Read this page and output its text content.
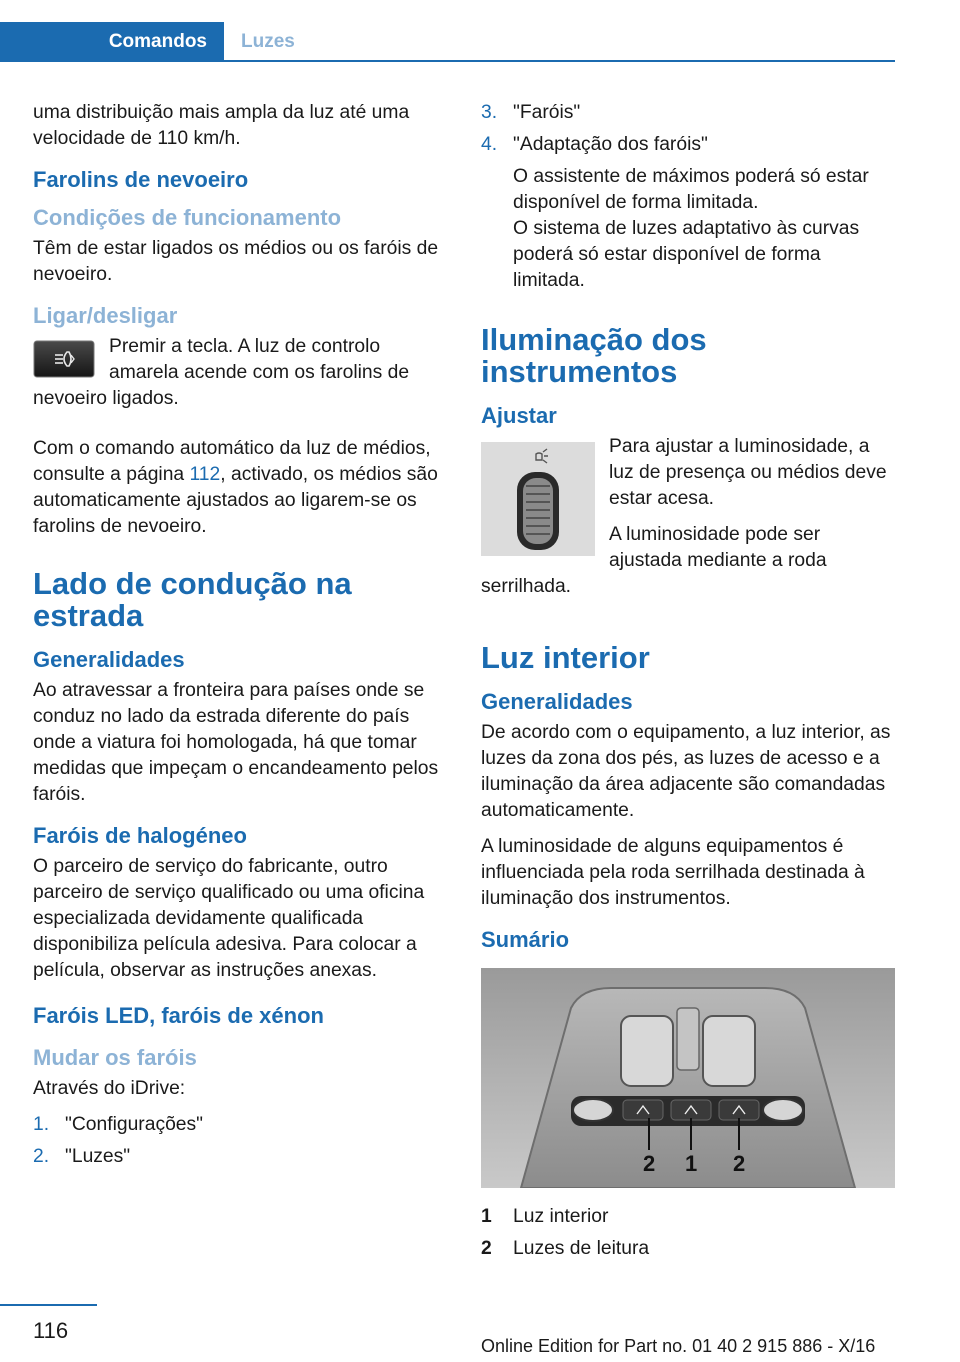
Comandos	Luzes

uma distribuição mais ampla da luz até uma velocidade de 110 km/h.

Farolins de nevoeiro
Condições de funcionamento

Têm de estar ligados os médios ou os faróis de nevoeiro.

Ligar/desligar

Premir a tecla. A luz de controlo amarela acende com os farolins de nevoeiro ligados.

Com o comando automático da luz de médios, consulte a página 112, activado, os médios são automaticamente ajustados ao ligarem-se os farolins de nevoeiro.

Lado de condução na estrada
Generalidades

Ao atravessar a fronteira para países onde se conduz no lado da estrada diferente do país onde a viatura foi homologada, há que tomar medidas que impeçam o encandeamento pelos faróis.

Faróis de halogéneo

O parceiro de serviço do fabricante, outro parceiro de serviço qualificado ou uma oficina especializada devidamente qualificada disponibiliza película adesiva. Para colocar a película, observar as instruções anexas.

Faróis LED, faróis de xénon
Mudar os faróis

Através do iDrive:

1. "Configurações"
2. "Luzes"
3. "Faróis"
4. "Adaptação dos faróis"

O assistente de máximos poderá só estar disponível de forma limitada.

O sistema de luzes adaptativo às curvas poderá só estar disponível de forma limitada.

Iluminação dos instrumentos
Ajustar

Para ajustar a luminosidade, a luz de presença ou médios deve estar acesa.

A luminosidade pode ser ajustada mediante a roda serrilhada.

Luz interior
Generalidades

De acordo com o equipamento, a luz interior, as luzes da zona dos pés, as luzes de acesso e a iluminação da área adjacente são comandadas automaticamente.

A luminosidade de alguns equipamentos é influenciada pela roda serrilhada destinada à iluminação dos instrumentos.

Sumário
2 1 2
1	Luz interior
2	Luzes de leitura
116
Online Edition for Part no. 01 40 2 915 886 - X/16
